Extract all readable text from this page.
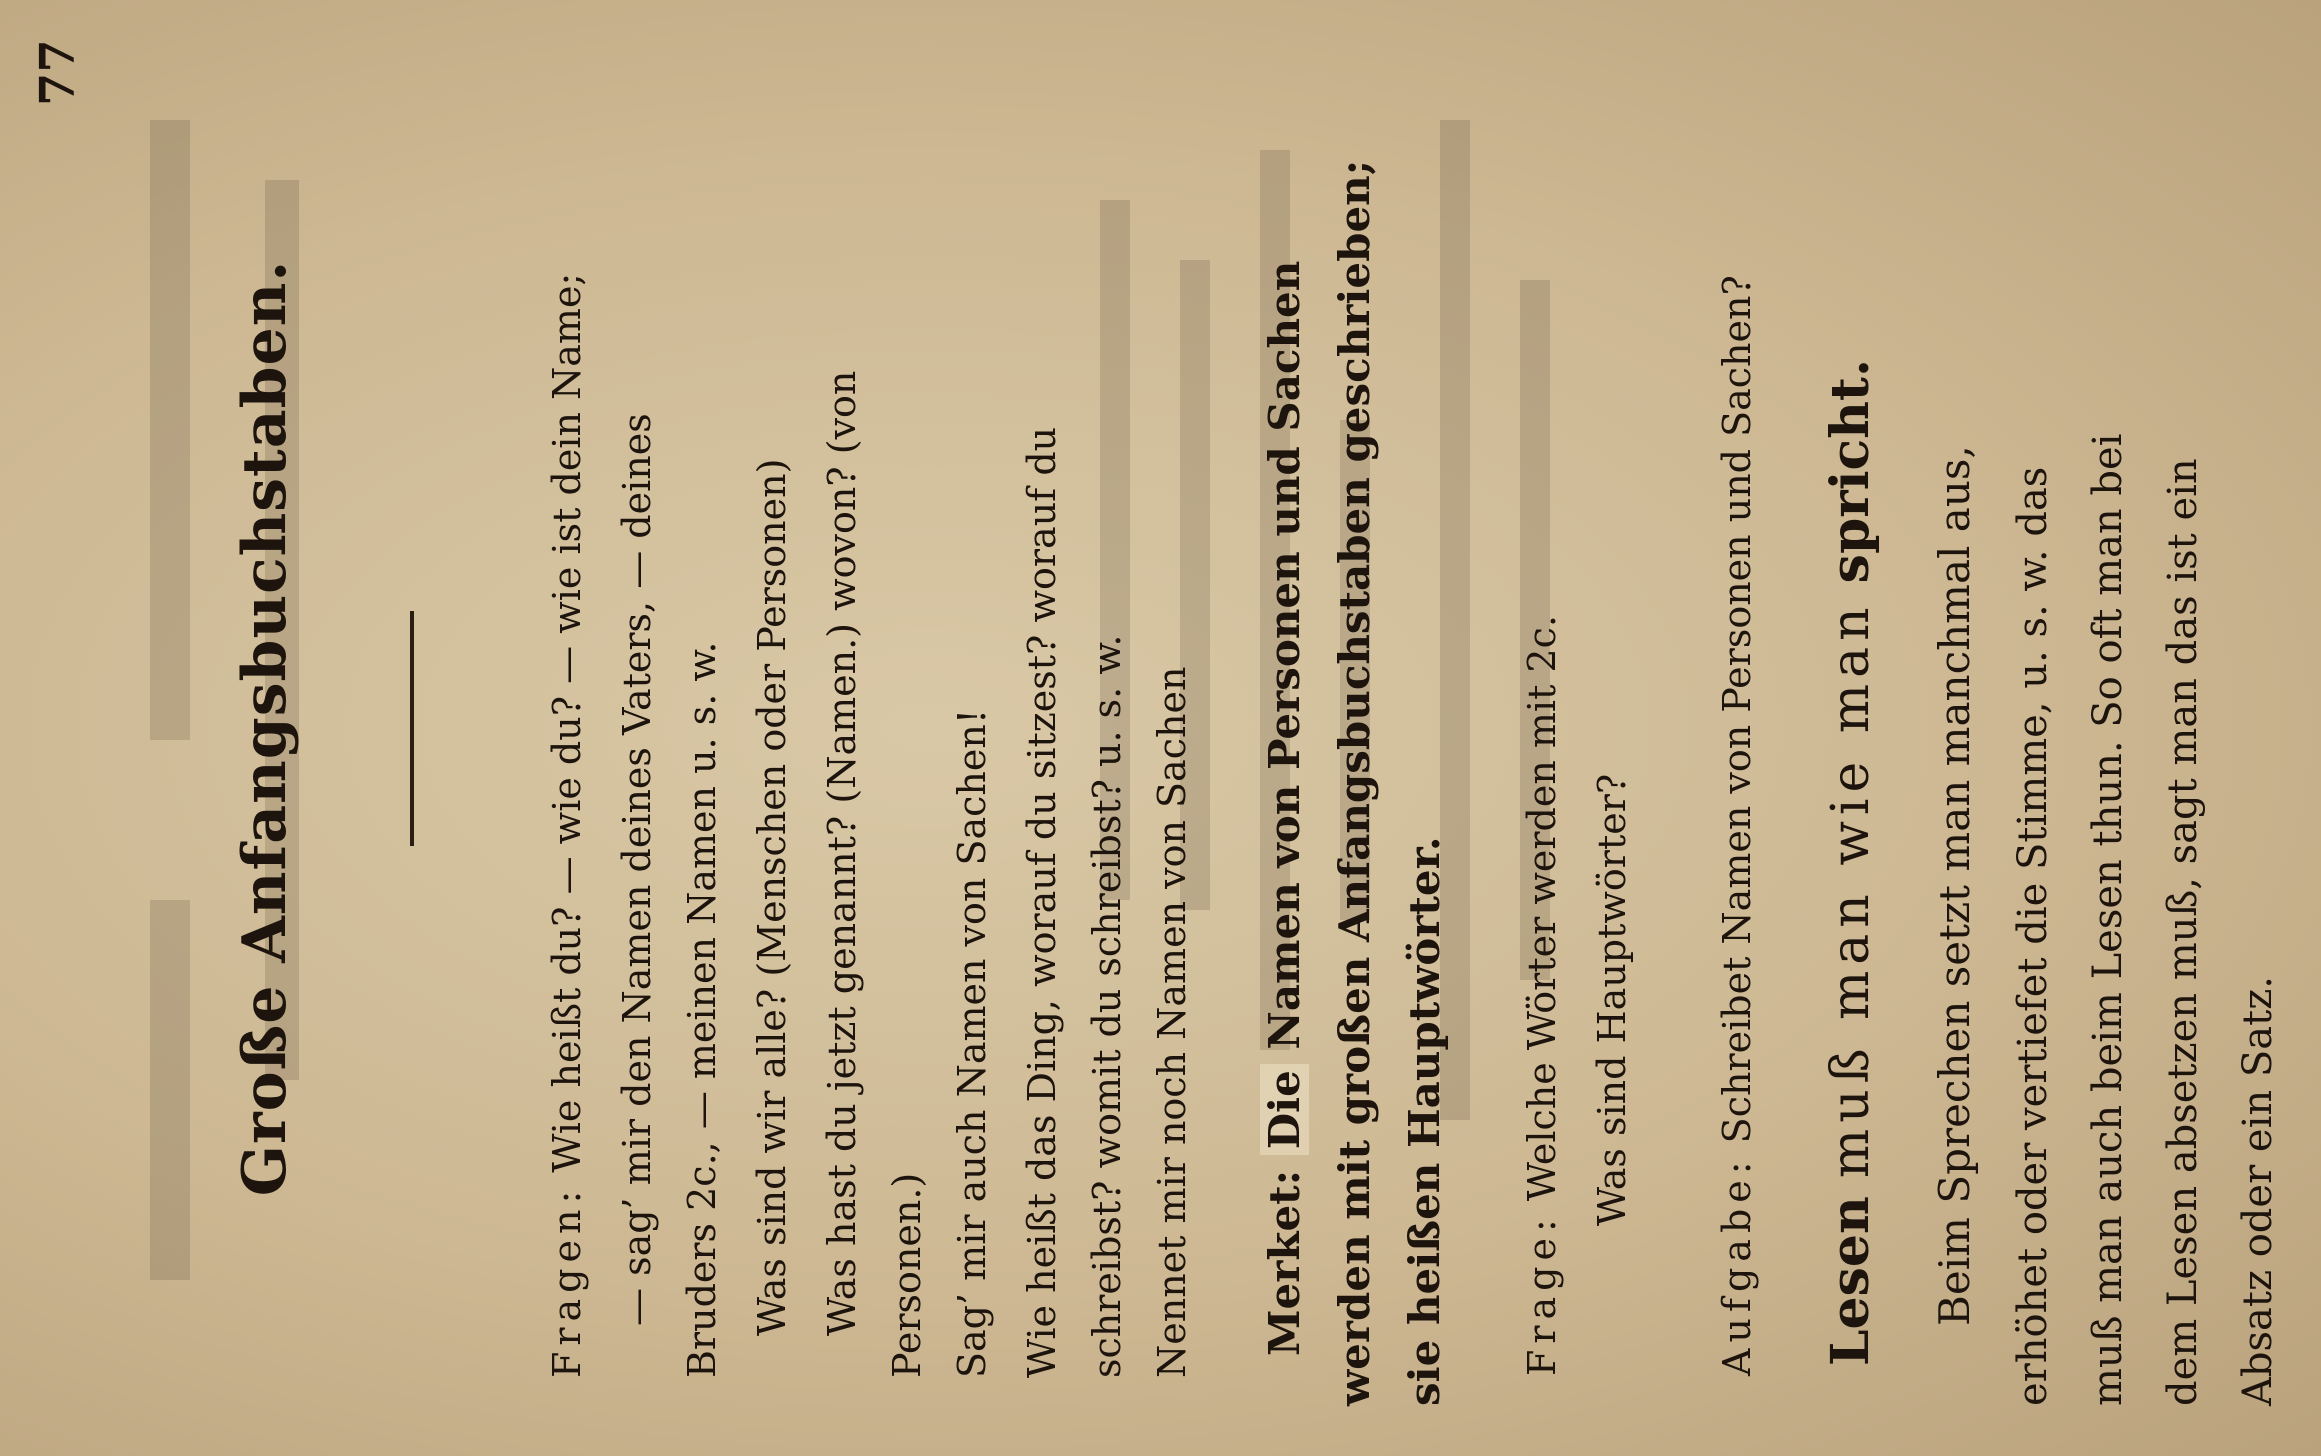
77
Große Anfangsbuchstaben.
Fragen: Wie heißt du? — wie du? — wie ist dein Name; — sag’ mir den Namen deines Vaters, — deines Bruders 2c., — meinen Namen u. s. w. Was sind wir alle? (Menschen oder Personen) Was hast du jetzt genannt? (Namen.) wovon? (von Personen.) Sag’ mir auch Namen von Sachen! Wie heißt das Ding, worauf du sitzest? worauf du schreibst? womit du schreibst? u. s. w. Nennet mir noch Namen von Sachen Merket: Die Namen von Personen und Sachen werden mit großen Anfangsbuchstaben geschrieben; sie heißen Hauptwörter. Frage: Welche Wörter werden mit 2c. Was sind Hauptwörter?
Aufgabe: Schreibet Namen von Personen und Sachen?
Lesen muß man wie man spricht. Beim Sprechen setzt man manchmal aus, erhöhet oder vertiefet die Stimme, u. s. w. das muß man auch beim Lesen thun. So oft man bei dem Lesen absetzen muß, sagt man das ist ein Absatz oder ein Satz.
